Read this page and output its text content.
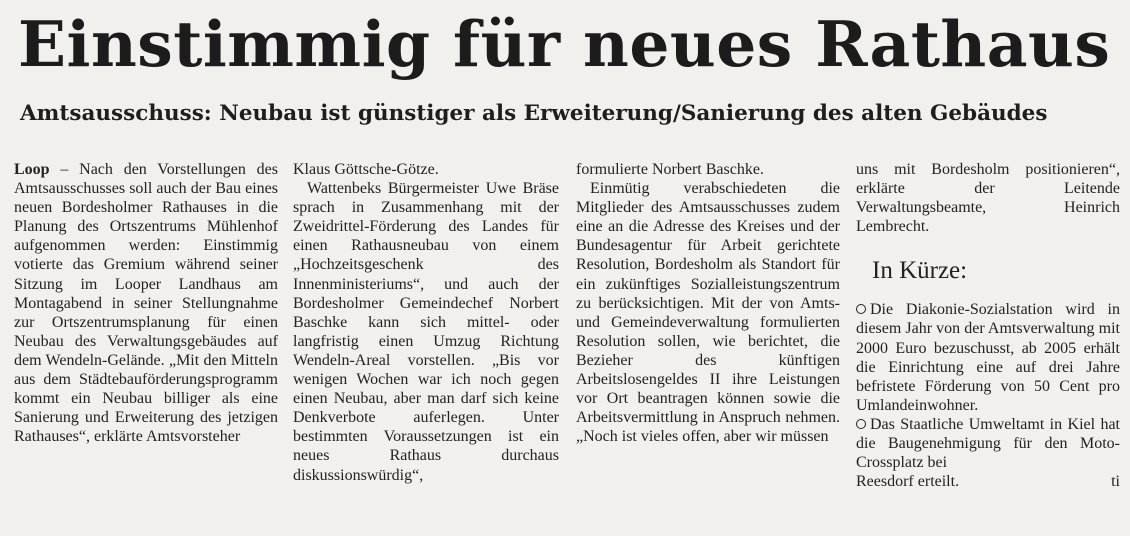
Einstimmig für neues Rathaus
Amtsausschuss: Neubau ist günstiger als Erweiterung/Sanierung des alten Gebäudes

Loop – Nach den Vorstellungen des Amtsausschusses soll auch der Bau eines neuen Bordesholmer Rathauses in die Planung des Ortszentrums Mühlenhof aufgenommen werden: Einstimmig votierte das Gremium während seiner Sitzung im Looper Landhaus am Montagabend in seiner Stellungnahme zur Ortszentrumsplanung für einen Neubau des Verwaltungsgebäudes auf dem Wendeln-Gelände. „Mit den Mitteln aus dem Städtebauförderungsprogramm kommt ein Neubau billiger als eine Sanierung und Erweiterung des jetzigen Rathauses“, erklärte Amtsvorsteher

Klaus Göttsche-Götze.

Wattenbeks Bürgermeister Uwe Bräse sprach in Zusammenhang mit der Zweidrittel-Förderung des Landes für einen Rathausneubau von einem „Hochzeitsgeschenk des Innenministeriums“, und auch der Bordesholmer Gemeindechef Norbert Baschke kann sich mittel- oder langfristig einen Umzug Richtung Wendeln-Areal vorstellen. „Bis vor wenigen Wochen war ich noch gegen einen Neubau, aber man darf sich keine Denkverbote auferlegen. Unter bestimmten Voraussetzungen ist ein neues Rathaus durchaus diskussionswürdig“,

formulierte Norbert Baschke.

Einmütig verabschiedeten die Mitglieder des Amtsausschusses zudem eine an die Adresse des Kreises und der Bundesagentur für Arbeit gerichtete Resolution, Bordesholm als Standort für ein zukünftiges Sozialleistungszentrum zu berücksichtigen. Mit der von Amts- und Gemeindeverwaltung formulierten Resolution sollen, wie berichtet, die Bezieher des künftigen Arbeitslosengeldes II ihre Leistungen vor Ort beantragen können sowie die Arbeitsvermittlung in Anspruch nehmen. „Noch ist vieles offen, aber wir müssen

uns mit Bordesholm positionieren“, erklärte der Leitende Verwaltungsbeamte, Heinrich Lembrecht.

In Kürze:

Die Diakonie-Sozialstation wird in diesem Jahr von der Amtsverwaltung mit 2000 Euro bezuschusst, ab 2005 erhält die Einrichtung eine auf drei Jahre befristete Förderung von 50 Cent pro Umlandeinwohner.

Das Staatliche Umweltamt in Kiel hat die Baugenehmigung für den Moto-Crossplatz bei

Reesdorf erteilt.	ti
